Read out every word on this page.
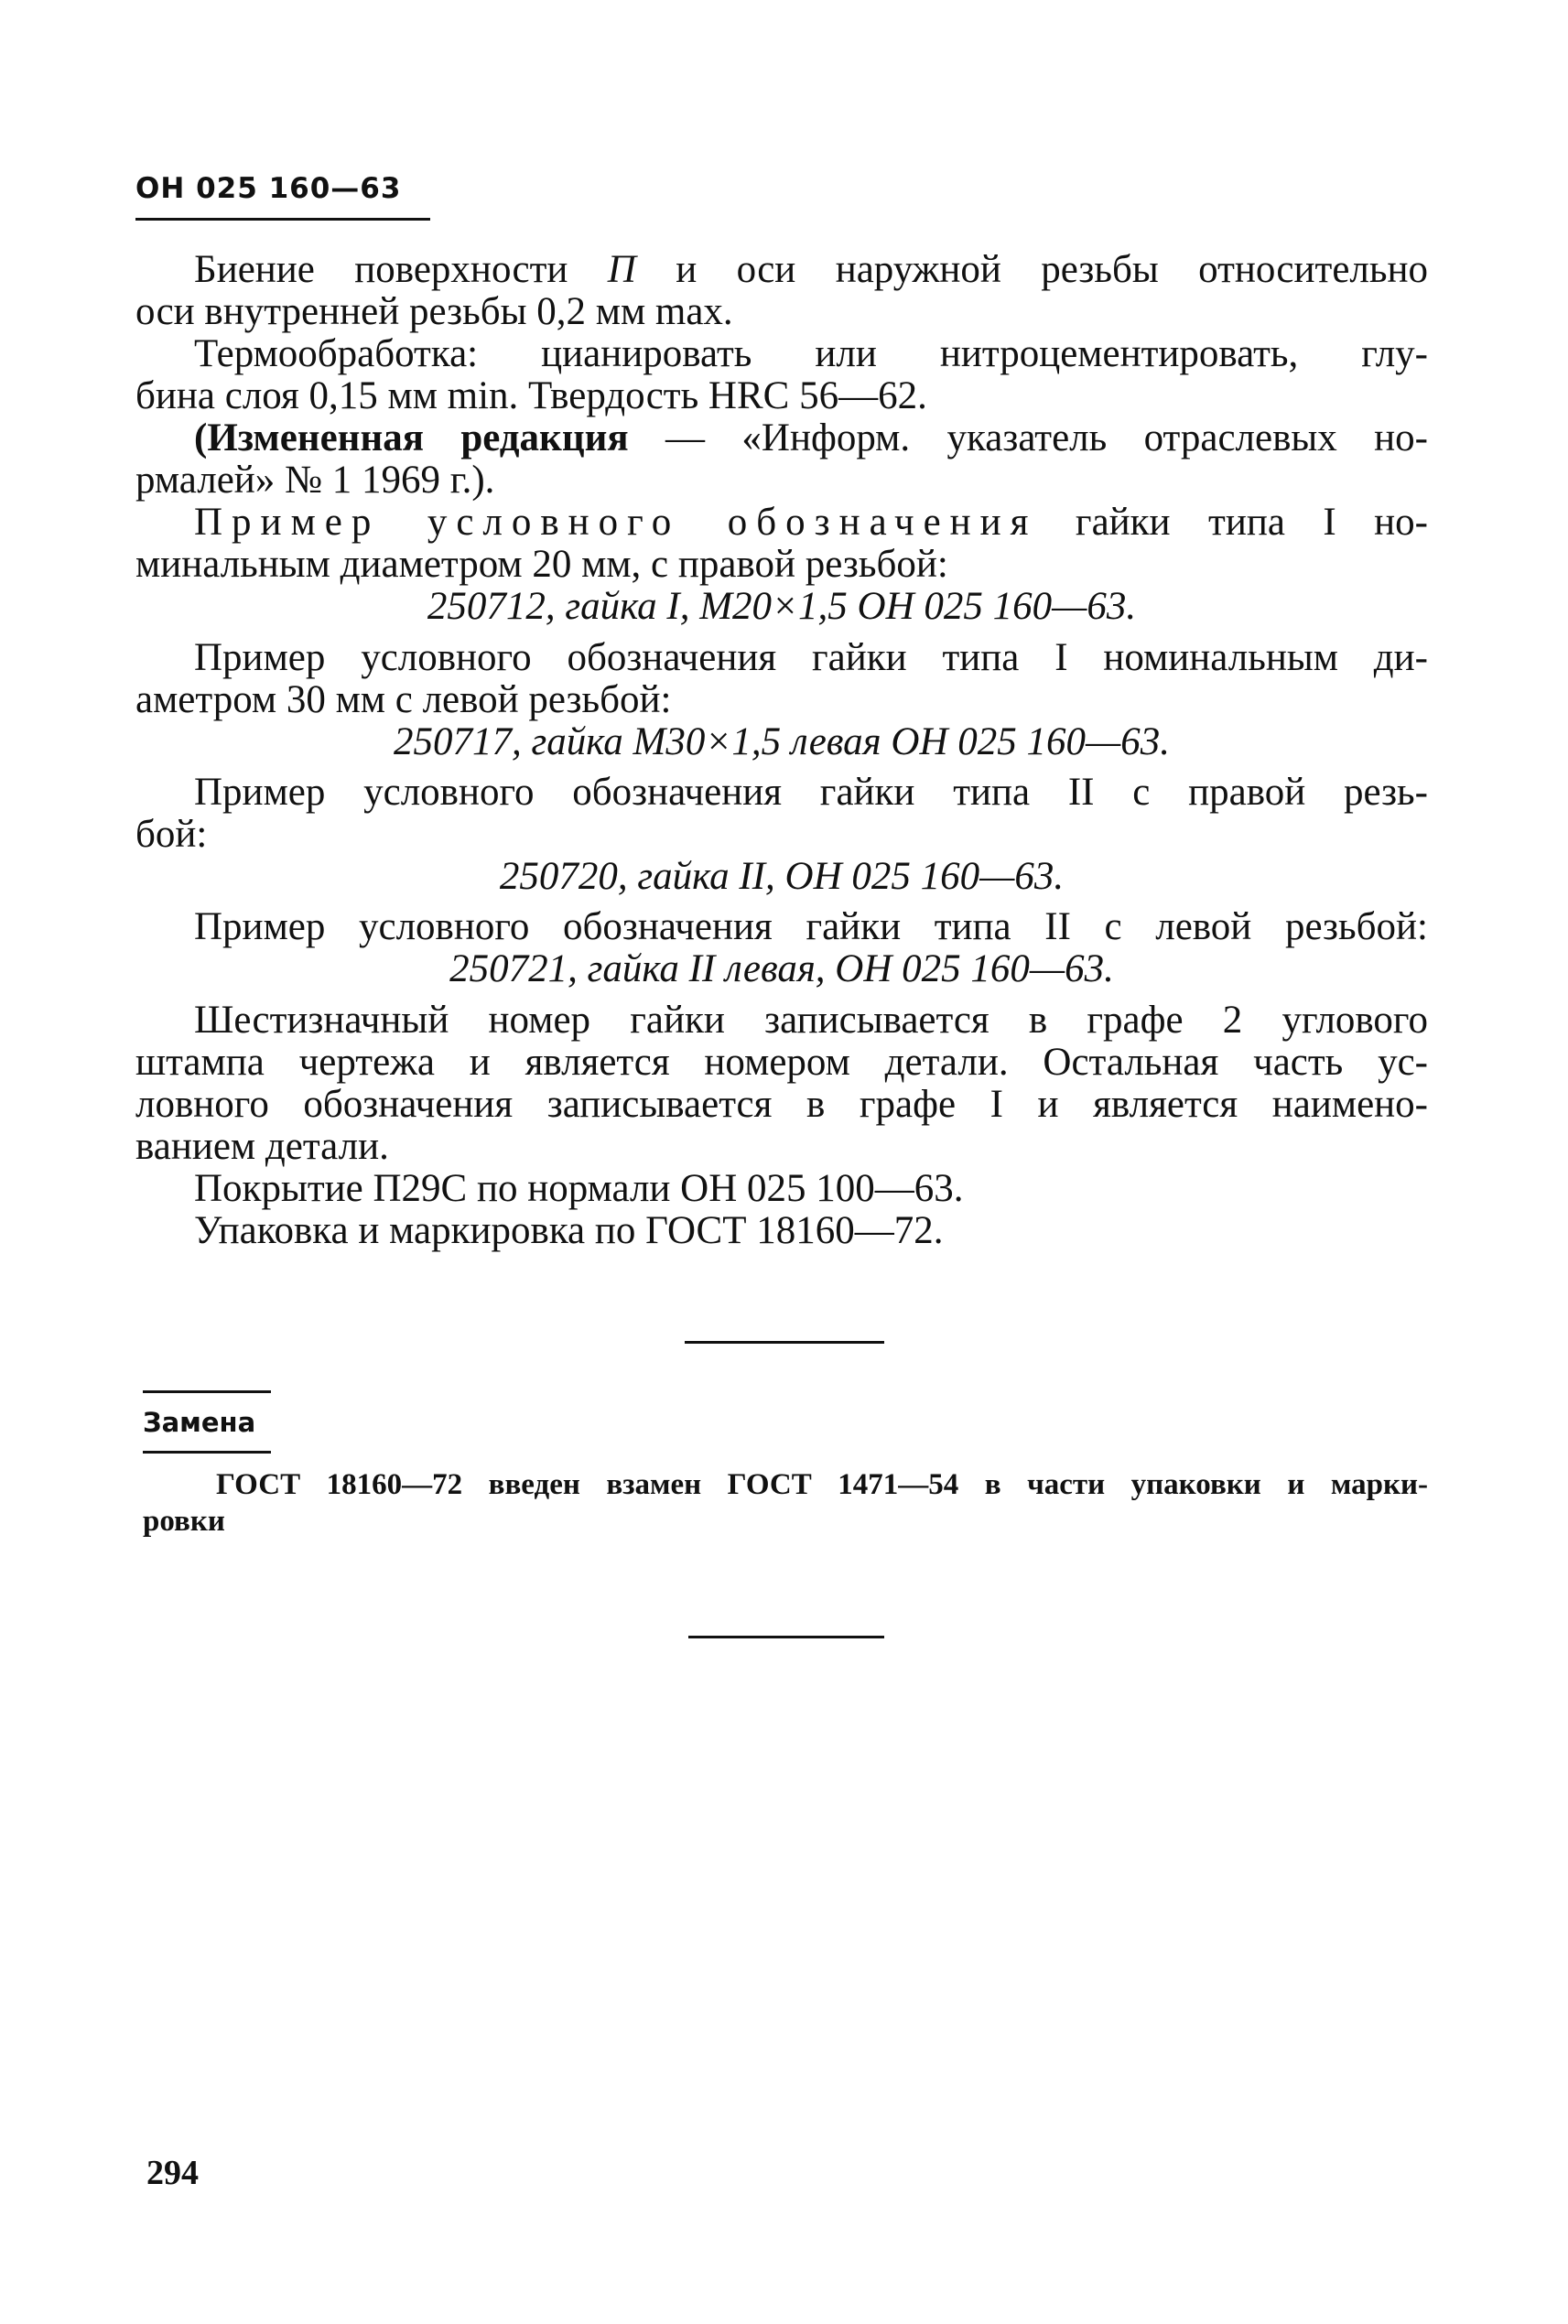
ОН 025 160—63
Биение поверхности П и оси наружной резьбы относительно
оси внутренней резьбы 0,2 мм max.
Термообработка: цианировать или нитроцементировать, глу-
бина слоя 0,15 мм min. Твердость HRC 56—62.
(Измененная редакция — «Информ. указатель отраслевых но-
рмалей» № 1 1969 г.).
Пример условного обозначения гайки типа I но-
минальным диаметром 20 мм, с правой резьбой:
250712, гайка I, M20×1,5 ОН 025 160—63.
Пример условного обозначения гайки типа I номинальным ди-
аметром 30 мм с левой резьбой:
250717, гайка M30×1,5 левая ОН 025 160—63.
Пример условного обозначения гайки типа II с правой резь-
бой:
250720, гайка II, ОН 025 160—63.
Пример условного обозначения гайки типа II с левой резьбой:
250721, гайка II левая, ОН 025 160—63.
Шестизначный номер гайки записывается в графе 2 углового
штампа чертежа и является номером детали. Остальная часть ус-
ловного обозначения записывается в графе I и является наимено-
ванием детали.
Покрытие П29С по нормали ОН 025 100—63.
Упаковка и маркировка по ГОСТ 18160—72.
Замена
ГОСТ 18160—72 введен взамен ГОСТ 1471—54 в части упаковки и марки-
ровки
294
